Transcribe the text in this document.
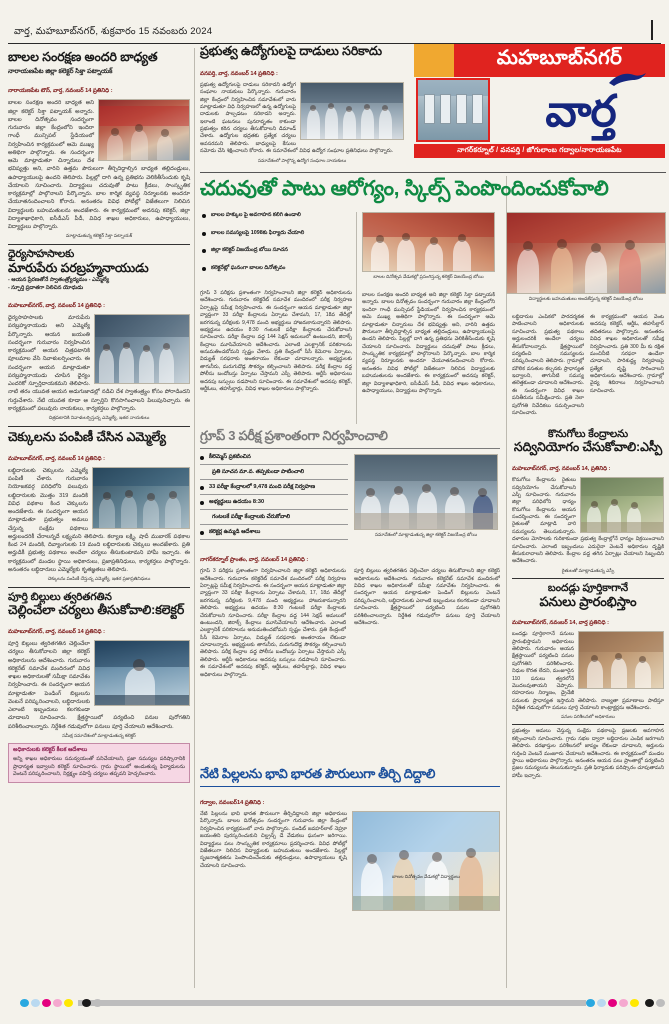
వార్త, మహబూబ్‌నగర్, శుక్రవారం 15 నవంబరు 2024
మహబూబ్‌నగర్
వార్త
నాగర్‌కర్నూల్ / వనపర్తి / జోగులాంబ గద్వాల/నారాయణపేట
బాలల సంరక్షణ అందరి బాధ్యత
నారాయణపేట జిల్లా కలెక్టర్ సిక్తా పట్నాయక్
నారాయణపేట టౌన్, వార్త, నవంబర్ 14 ప్రతినిధి :
బాలల సంరక్షణ అందరి బాధ్యత అని జిల్లా కలెక్టర్ సిక్తా పట్నాయక్ అన్నారు. బాలల దినోత్సవం సందర్భంగా గురువారం జిల్లా కేంద్రంలోని ఇందిరా గాంధీ మున్సిపల్ స్టేడియంలో నిర్వహించిన కార్యక్రమంలో ఆమె ముఖ్య అతిథిగా పాల్గొన్నారు. ఈ సందర్భంగా ఆమె మాట్లాడుతూ చిన్నారులు దేశ భవిష్యత్తు అని, వారిని ఉత్తమ పౌరులుగా తీర్చిదిద్దాల్సిన బాధ్యత తల్లిదండ్రులు, ఉపాధ్యాయులపై ఉందని తెలిపారు. పిల్లల్లో దాగి ఉన్న ప్రతిభను వెలికితీసేందుకు కృషి చేయాలని సూచించారు. విద్యార్థులు చదువుతో పాటు క్రీడలు, సాంస్కృతిక కార్యక్రమాల్లో పాల్గొనాలని పేర్కొన్నారు. బాల కార్మిక వ్యవస్థ నిర్మూలనకు అందరూ చేయూతనందించాలని కోరారు. అనంతరం వివిధ పోటీల్లో విజేతలుగా నిలిచిన విద్యార్థులకు బహుమతులను అందజేశారు. ఈ కార్యక్రమంలో అదనపు కలెక్టర్, జిల్లా విద్యాశాఖాధికారి, ఐసీడీఎస్ పీడీ, వివిధ శాఖల అధికారులు, ఉపాధ్యాయులు, విద్యార్థులు పాల్గొన్నారు.
మాట్లాడుతున్న కలెక్టర్ సిక్తా పట్నాయక్
ధైర్యసాహసాలకు
మారుపేరు పరబ్రహ్మనాయుడు
- ఆయన ప్రేరణతోనే స్వాతంత్ర్యోద్యమం - ఎమ్మెల్యే
- స్ఫూర్తి ప్రదాతగా నిలిచిన యోధుడు
మహబూబ్‌నగర్, వార్త, నవంబర్ 14 ప్రతినిధి :
ధైర్యసాహసాలకు మారుపేరు పరబ్రహ్మనాయుడు అని ఎమ్మెల్యే పేర్కొన్నారు. ఆయన జయంతి సందర్భంగా గురువారం నిర్వహించిన కార్యక్రమంలో ఆయన చిత్రపటానికి పూలమాల వేసి నివాళులర్పించారు. ఈ సందర్భంగా ఆయన మాట్లాడుతూ పరబ్రహ్మనాయుడు చూపిన ధైర్యం ఎందరికో స్ఫూర్తిదాయకమని తెలిపారు. నాటి తరం యువత ఆయన అడుగుజాడల్లో నడిచి దేశ స్వాతంత్ర్యం కోసం పోరాడిందని గుర్తుచేశారు. నేటి యువత కూడా ఆ స్ఫూర్తిని కొనసాగించాలని పిలుపునిచ్చారు. ఈ కార్యక్రమంలో పలువురు నాయకులు, కార్యకర్తలు పాల్గొన్నారు.
చిత్రపటానికి నివాళులర్పిస్తున్న ఎమ్మెల్యే, ఇతర నాయకులు
చెక్కులను పంపిణీ చేసిన ఎమ్మెల్యే
మహబూబ్‌నగర్, వార్త, నవంబర్ 14 ప్రతినిధి :
లబ్ధిదారులకు చెక్కులను ఎమ్మెల్యే పంపిణీ చేశారు. గురువారం నియోజకవర్గ పరిధిలోని పలువురు లబ్ధిదారులకు మొత్తం 319 మందికి వివిధ పథకాల కింద చెక్కులను అందజేశారు. ఈ సందర్భంగా ఆయన మాట్లాడుతూ ప్రభుత్వం అమలు చేస్తున్న సంక్షేమ పథకాలు అర్హులందరికీ చేరాలన్నదే లక్ష్యమని తెలిపారు. కల్యాణ లక్ష్మి, షాదీ ముబారక్ పథకాల కింద 24 మందికి, దివ్యాంగులకు 19 మంది లబ్ధిదారులకు చెక్కులు అందజేశారు. ప్రతి అర్హుడికీ ప్రభుత్వ పథకాలు అందేలా చర్యలు తీసుకుంటామని హామీ ఇచ్చారు. ఈ కార్యక్రమంలో మండల స్థాయి అధికారులు, ప్రజాప్రతినిధులు, కార్యకర్తలు పాల్గొన్నారు. అనంతరం లబ్ధిదారులు ఎమ్మెల్యేకు కృతజ్ఞతలు తెలిపారు.
చెక్కులను పంపిణీ చేస్తున్న ఎమ్మెల్యే, ఇతర ప్రజాప్రతినిధులు
పూర్తి బిల్లులు త్వరితగతిన
చెల్లించేలా చర్యలు తీసుకోవాలి:కలెక్టర్
మహబూబ్‌నగర్, వార్త, నవంబర్ 14 ప్రతినిధి :
పూర్తి బిల్లులు త్వరితగతిన చెల్లించేలా చర్యలు తీసుకోవాలని జిల్లా కలెక్టర్ అధికారులను ఆదేశించారు. గురువారం కలెక్టరేట్ సమావేశ మందిరంలో వివిధ శాఖల అధికారులతో సమీక్షా సమావేశం నిర్వహించారు. ఈ సందర్భంగా ఆయన మాట్లాడుతూ పెండింగ్ బిల్లులను వెంటనే పరిష్కరించాలని, లబ్ధిదారులకు ఎలాంటి ఇబ్బందులు కలగకుండా చూడాలని సూచించారు. క్షేత్రస్థాయిలో పర్యటించి పనుల పురోగతిని పరిశీలించాలన్నారు. నిర్దేశిత గడువులోగా పనులు పూర్తి చేయాలని ఆదేశించారు.
సమీక్ష సమావేశంలో మాట్లాడుతున్న కలెక్టర్
అధికారులకు కలెక్టర్ కీలక ఆదేశాలు
అన్ని శాఖల అధికారులు సమన్వయంతో పనిచేయాలని, ప్రజా సమస్యల పరిష్కారానికి ప్రాధాన్యత ఇవ్వాలని కలెక్టర్ సూచించారు. గ్రామ స్థాయిలో అందుతున్న ఫిర్యాదులను వెంటనే పరిష్కరించాలని, నిర్లక్ష్యం వహిస్తే చర్యలు తప్పవని హెచ్చరించారు.
ప్రభుత్వ ఉద్యోగులపై దాడులు సరికాదు
వనపర్తి, వార్త, నవంబర్ 14 ప్రతినిధి :
ప్రభుత్వ ఉద్యోగులపై దాడులు సరికాదని ఉద్యోగ సంఘాల నాయకులు పేర్కొన్నారు. గురువారం జిల్లా కేంద్రంలో నిర్వహించిన సమావేశంలో వారు మాట్లాడుతూ విధి నిర్వహణలో ఉన్న ఉద్యోగులపై దాడులకు పాల్పడటం సరికాదని అన్నారు. ఇలాంటి ఘటనలు పునరావృతం కాకుండా ప్రభుత్వం కఠిన చర్యలు తీసుకోవాలని డిమాండ్ చేశారు. ఉద్యోగుల భద్రతకు ప్రత్యేక చర్యలు అవసరమని తెలిపారు. బాధ్యులపై కేసులు నమోదు చేసి శిక్షించాలని కోరారు. ఈ సమావేశంలో వివిధ ఉద్యోగ సంఘాల ప్రతినిధులు పాల్గొన్నారు.
సమావేశంలో పాల్గొన్న ఉద్యోగ సంఘాల నాయకులు
చదువుతో పాటు ఆరోగ్యం, స్కిల్స్ పెంపొందించుకోవాలి
బాలల హక్కుల పై అవగాహన కలిగి ఉండాలి
బాలల సమస్యలపై 1098కు ఫిర్యాదు చేయాలి
జిల్లా కలెక్టర్ విజయేంద్ర బోయి సూచన
కలెక్టరేట్లో ఘనంగా బాలల దినోత్సవం
బాలల దినోత్సవ వేడుకల్లో ప్రసంగిస్తున్న కలెక్టర్ విజయేంద్ర బోయి
విద్యార్థులకు బహుమతులు అందజేస్తున్న కలెక్టర్ విజయేంద్ర బోయి
గ్రూప్ 3 పరీక్షను ప్రశాంతంగా నిర్వహించాలని జిల్లా కలెక్టర్ అధికారులను ఆదేశించారు. గురువారం కలెక్టరేట్ సమావేశ మందిరంలో పరీక్ష నిర్వహణ ఏర్పాట్లపై సమీక్ష నిర్వహించారు. ఈ సందర్భంగా ఆయన మాట్లాడుతూ జిల్లా వ్యాప్తంగా 33 పరీక్షా కేంద్రాలను ఏర్పాటు చేశామని, 17, 18వ తేదీల్లో జరగనున్న పరీక్షలకు 9,478 మంది అభ్యర్థులు హాజరుకానున్నారని తెలిపారు. అభ్యర్థులు ఉదయం 8:30 గంటలకే పరీక్షా కేంద్రాలకు చేరుకోవాలని సూచించారు. పరీక్షా కేంద్రాల వద్ద 144 సెక్షన్ అమలులో ఉంటుందని, జిరాక్స్ కేంద్రాలు మూసివేయాలని ఆదేశించారు. ఎలాంటి ఎలక్ట్రానిక్ పరికరాలను అనుమతించబోమని స్పష్టం చేశారు. ప్రతి కేంద్రంలో సీసీ కెమెరాల ఏర్పాటు, విద్యుత్ సరఫరాకు అంతరాయం లేకుండా చూడాలన్నారు. అభ్యర్థులకు తాగునీరు, మరుగుదొడ్ల సౌకర్యం కల్పించాలని తెలిపారు. పరీక్ష కేంద్రాల వద్ద పోలీసు బందోబస్తు ఏర్పాటు చేస్తామని ఎస్పీ తెలిపారు. ఆర్టీసీ అధికారులు అదనపు బస్సులు నడపాలని సూచించారు. ఈ సమావేశంలో అదనపు కలెక్టర్, ఆర్డీఓలు, తహసీల్దార్లు, వివిధ శాఖల అధికారులు పాల్గొన్నారు.
బాలల సంరక్షణ అందరి బాధ్యత అని జిల్లా కలెక్టర్ సిక్తా పట్నాయక్ అన్నారు. బాలల దినోత్సవం సందర్భంగా గురువారం జిల్లా కేంద్రంలోని ఇందిరా గాంధీ మున్సిపల్ స్టేడియంలో నిర్వహించిన కార్యక్రమంలో ఆమె ముఖ్య అతిథిగా పాల్గొన్నారు. ఈ సందర్భంగా ఆమె మాట్లాడుతూ చిన్నారులు దేశ భవిష్యత్తు అని, వారిని ఉత్తమ పౌరులుగా తీర్చిదిద్దాల్సిన బాధ్యత తల్లిదండ్రులు, ఉపాధ్యాయులపై ఉందని తెలిపారు. పిల్లల్లో దాగి ఉన్న ప్రతిభను వెలికితీసేందుకు కృషి చేయాలని సూచించారు. విద్యార్థులు చదువుతో పాటు క్రీడలు, సాంస్కృతిక కార్యక్రమాల్లో పాల్గొనాలని పేర్కొన్నారు. బాల కార్మిక వ్యవస్థ నిర్మూలనకు అందరూ చేయూతనందించాలని కోరారు. అనంతరం వివిధ పోటీల్లో విజేతలుగా నిలిచిన విద్యార్థులకు బహుమతులను అందజేశారు. ఈ కార్యక్రమంలో అదనపు కలెక్టర్, జిల్లా విద్యాశాఖాధికారి, ఐసీడీఎస్ పీడీ, వివిధ శాఖల అధికారులు, ఉపాధ్యాయులు, విద్యార్థులు పాల్గొన్నారు.
లబ్ధిదారుల ఎంపికలో పారదర్శకత పాటించాలని అధికారులకు సూచించారు. ప్రభుత్వ పథకాలు అర్హులందరికీ అందేలా చర్యలు తీసుకోవాలన్నారు. క్షేత్రస్థాయిలో పర్యటించి సమస్యలను పరిష్కరించాలని తెలిపారు. గ్రామాల్లో మౌలిక వసతుల కల్పనకు ప్రాధాన్యత ఇవ్వాలని, తాగునీటి సమస్య తలెత్తకుండా చూడాలని ఆదేశించారు. ఈ సందర్భంగా వివిధ శాఖల పనితీరును సమీక్షించారు. ప్రతి నెలా పురోగతి నివేదికలు సమర్పించాలని సూచించారు.
ఈ కార్యక్రమంలో ఆయన వెంట అదనపు కలెక్టర్, ఆర్డీఓ, తహసీల్దార్ తదితరులు పాల్గొన్నారు. అనంతరం వివిధ శాఖల అధికారులతో సమీక్ష నిర్వహించారు. ప్రతి 300 మీ కు రక్షిత మంచినీటి సరఫరా ఉండేలా చూడాలని, పారిశుద్ధ్య నిర్వహణపై ప్రత్యేక దృష్టి సారించాలని అధికారులను ఆదేశించారు. గ్రామాల్లో వైద్య శిబిరాలు నిర్వహించాలని సూచించారు.
గ్రూప్ 3 పరీక్ష ప్రశాంతంగా నిర్వహించాలి
కీలెమ్మెస్ ప్రకటించిన
ప్రతి సూచన మా.వ. తప్పకుండా పాటించాలి
33 పరీక్షా కేంద్రాలలో 9,478 మంది పరీక్ష నిర్వహణ
అభ్యర్థులు ఉదయం 8:30
గంటలకే పరీక్షా కేంద్రాలకు చేరుకోవాలి
కలెక్టర్ల ఉమ్మడి ఆదేశాలు	సమావేశంలో మాట్లాడుతున్న జిల్లా కలెక్టర్ విజయేంద్ర బోయి
నాగర్‌కర్నూల్ ప్రాంతం, వార్త, నవంబర్ 14 ప్రతినిధి :
గ్రూప్ 3 పరీక్షను ప్రశాంతంగా నిర్వహించాలని జిల్లా కలెక్టర్ అధికారులను ఆదేశించారు. గురువారం కలెక్టరేట్ సమావేశ మందిరంలో పరీక్ష నిర్వహణ ఏర్పాట్లపై సమీక్ష నిర్వహించారు. ఈ సందర్భంగా ఆయన మాట్లాడుతూ జిల్లా వ్యాప్తంగా 33 పరీక్షా కేంద్రాలను ఏర్పాటు చేశామని, 17, 18వ తేదీల్లో జరగనున్న పరీక్షలకు 9,478 మంది అభ్యర్థులు హాజరుకానున్నారని తెలిపారు. అభ్యర్థులు ఉదయం 8:30 గంటలకే పరీక్షా కేంద్రాలకు చేరుకోవాలని సూచించారు. పరీక్షా కేంద్రాల వద్ద 144 సెక్షన్ అమలులో ఉంటుందని, జిరాక్స్ కేంద్రాలు మూసివేయాలని ఆదేశించారు. ఎలాంటి ఎలక్ట్రానిక్ పరికరాలను అనుమతించబోమని స్పష్టం చేశారు. ప్రతి కేంద్రంలో సీసీ కెమెరాల ఏర్పాటు, విద్యుత్ సరఫరాకు అంతరాయం లేకుండా చూడాలన్నారు. అభ్యర్థులకు తాగునీరు, మరుగుదొడ్ల సౌకర్యం కల్పించాలని తెలిపారు. పరీక్ష కేంద్రాల వద్ద పోలీసు బందోబస్తు ఏర్పాటు చేస్తామని ఎస్పీ తెలిపారు. ఆర్టీసీ అధికారులు అదనపు బస్సులు నడపాలని సూచించారు. ఈ సమావేశంలో అదనపు కలెక్టర్, ఆర్డీఓలు, తహసీల్దార్లు, వివిధ శాఖల అధికారులు పాల్గొన్నారు.
పూర్తి బిల్లులు త్వరితగతిన చెల్లించేలా చర్యలు తీసుకోవాలని జిల్లా కలెక్టర్ అధికారులను ఆదేశించారు. గురువారం కలెక్టరేట్ సమావేశ మందిరంలో వివిధ శాఖల అధికారులతో సమీక్షా సమావేశం నిర్వహించారు. ఈ సందర్భంగా ఆయన మాట్లాడుతూ పెండింగ్ బిల్లులను వెంటనే పరిష్కరించాలని, లబ్ధిదారులకు ఎలాంటి ఇబ్బందులు కలగకుండా చూడాలని సూచించారు. క్షేత్రస్థాయిలో పర్యటించి పనుల పురోగతిని పరిశీలించాలన్నారు. నిర్దేశిత గడువులోగా పనులు పూర్తి చేయాలని ఆదేశించారు.
నేటి పిల్లలను భావి భారత పౌరులుగా తీర్చి దిద్దాలి
గద్వాల, నవంబర్14 ప్రతినిధి :
నేటి పిల్లలను భావి భారత పౌరులుగా తీర్చిదిద్దాలని జిల్లా అధికారులు పేర్కొన్నారు. బాలల దినోత్సవం సందర్భంగా గురువారం జిల్లా కేంద్రంలో నిర్వహించిన కార్యక్రమంలో వారు పాల్గొన్నారు. పండిట్ జవహర్‌లాల్ నెహ్రూ జయంతిని పురస్కరించుకుని చిల్డ్రన్స్ డే వేడుకలు ఘనంగా జరిగాయి. విద్యార్థులు పలు సాంస్కృతిక కార్యక్రమాలు ప్రదర్శించారు. వివిధ పోటీల్లో విజేతలుగా నిలిచిన విద్యార్థులకు బహుమతులు అందజేశారు. పిల్లల్లో సృజనాత్మకతను పెంపొందించేందుకు తల్లిదండ్రులు, ఉపాధ్యాయులు కృషి చేయాలని సూచించారు.
బాలల దినోత్సవం వేడుకల్లో విద్యార్థులు
కొనుగోలు కేంద్రాలను
సద్వినియోగం చేసుకోవాలి:ఎస్పీ
మహబూబ్‌నగర్, వార్త, నవంబర్ 14, ప్రతినిధి :
కొనుగోలు కేంద్రాలను రైతులు సద్వినియోగం చేసుకోవాలని ఎస్పీ సూచించారు. గురువారం జిల్లా పరిధిలోని ధాన్యం కొనుగోలు కేంద్రాలను ఆయన సందర్శించారు. ఈ సందర్భంగా రైతులతో మాట్లాడి వారి సమస్యలను తెలుసుకున్నారు. దళారుల మోసాలకు గురికాకుండా ప్రభుత్వ కేంద్రాల్లోనే ధాన్యం విక్రయించాలని సూచించారు. ఎలాంటి ఇబ్బందులు ఎదురైనా వెంటనే అధికారుల దృష్టికి తీసుకురావాలని తెలిపారు. కేంద్రాల వద్ద తగిన ఏర్పాట్లు చేయాలని సిబ్బందిని ఆదేశించారు.
రైతులతో మాట్లాడుతున్న ఎస్పీ
బందడ్లు పూర్తికాగానే
పనులు ప్రారంభిస్తాం
మహబూబ్‌నగర్, నవంబర్ 14, వార్త ప్రతినిధి :
బందడ్లు పూర్తికాగానే పనులు ప్రారంభిస్తామని అధికారులు తెలిపారు. గురువారం ఆయన క్షేత్రస్థాయిలో పర్యటించి పనుల పురోగతిని పరిశీలించారు. నిధుల కొరత లేదని, మంజూరైన 110 పనులు త్వరలోనే మొదలవుతాయని చెప్పారు. రహదారుల నిర్మాణం, డ్రైనేజీ పనులకు ప్రాధాన్యత ఇస్తామని తెలిపారు. నాణ్యతా ప్రమాణాలు పాటిస్తూ నిర్దేశిత గడువులోగా పనులు పూర్తి చేయాలని కాంట్రాక్టర్లను ఆదేశించారు.
పనుల పరిశీలనలో అధికారులు
ప్రభుత్వం అమలు చేస్తున్న సంక్షేమ పథకాలపై ప్రజలకు అవగాహన కల్పించాలని సూచించారు. గ్రామ సభల ద్వారా లబ్ధిదారుల ఎంపిక జరగాలని తెలిపారు. దరఖాస్తుల పరిశీలనలో జాప్యం లేకుండా చూడాలని, అర్హులను గుర్తించి వెంటనే మంజూరు చేయాలని ఆదేశించారు. ఈ కార్యక్రమంలో మండల స్థాయి అధికారులు పాల్గొన్నారు. అనంతరం ఆయన పలు ప్రాంతాల్లో పర్యటించి ప్రజల సమస్యలను తెలుసుకున్నారు. ప్రతి ఫిర్యాదుకు పరిష్కారం చూపుతామని హామీ ఇచ్చారు.
